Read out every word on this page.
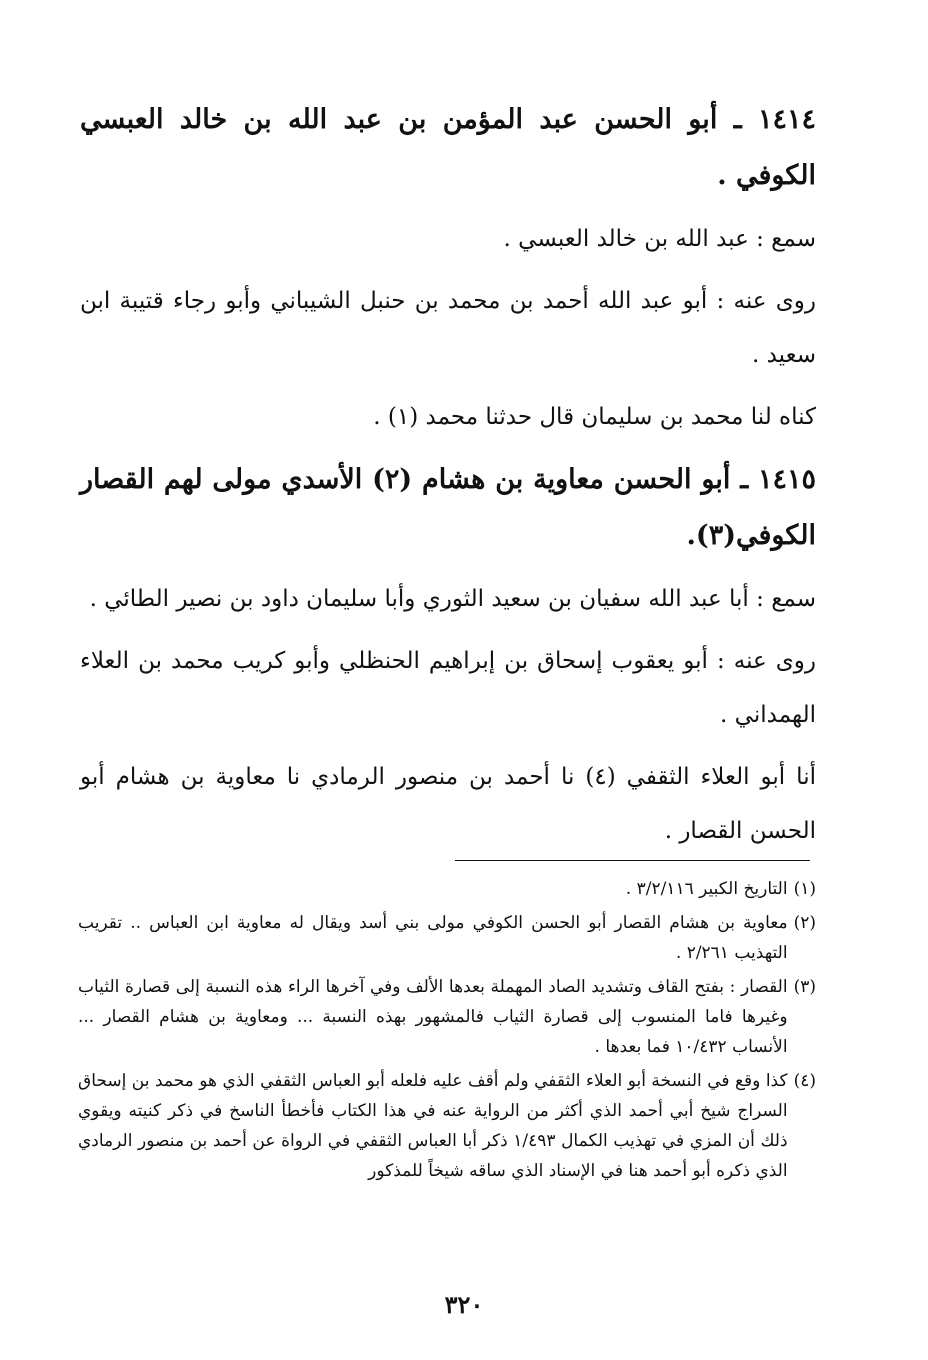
١٤١٤ ـ أبو الحسن عبد المؤمن بن عبد الله بن خالد العبسي الكوفي .
سمع : عبد الله بن خالد العبسي .
روى عنه : أبو عبد الله أحمد بن محمد بن حنبل الشيباني وأبو رجاء قتيبة ابن سعيد .
كناه لنا محمد بن سليمان قال حدثنا محمد (١) .
١٤١٥ ـ أبو الحسن معاوية بن هشام (٢) الأسدي مولى لهم القصار الكوفي(٣).
سمع : أبا عبد الله سفيان بن سعيد الثوري وأبا سليمان داود بن نصير الطائي .
روى عنه : أبو يعقوب إسحاق بن إبراهيم الحنظلي وأبو كريب محمد بن العلاء الهمداني .
أنا أبو العلاء الثقفي (٤) نا أحمد بن منصور الرمادي نا معاوية بن هشام أبو الحسن القصار .
(١)
التاريخ الكبير ٣/٢/١١٦ .
(٢)
معاوية بن هشام القصار أبو الحسن الكوفي مولى بني أسد ويقال له معاوية ابن العباس .. تقريب التهذيب ٢/٢٦١ .
(٣)
القصار : بفتح القاف وتشديد الصاد المهملة بعدها الألف وفي آخرها الراء هذه النسبة إلى قصارة الثياب وغيرها فاما المنسوب إلى قصارة الثياب فالمشهور بهذه النسبة ... ومعاوية بن هشام القصار ... الأنساب ١٠/٤٣٢ فما بعدها .
(٤)
كذا وقع في النسخة أبو العلاء الثقفي ولم أقف عليه فلعله أبو العباس الثقفي الذي هو محمد بن إسحاق السراج شيخ أبي أحمد الذي أكثر من الرواية عنه في هذا الكتاب فأخطأ الناسخ في ذكر كنيته ويقوي ذلك أن المزي في تهذيب الكمال ١/٤٩٣ ذكر أبا العباس الثقفي في الرواة عن أحمد بن منصور الرمادي الذي ذكره أبو أحمد هنا في الإسناد الذي ساقه شيخاً للمذكور
٣٢٠
